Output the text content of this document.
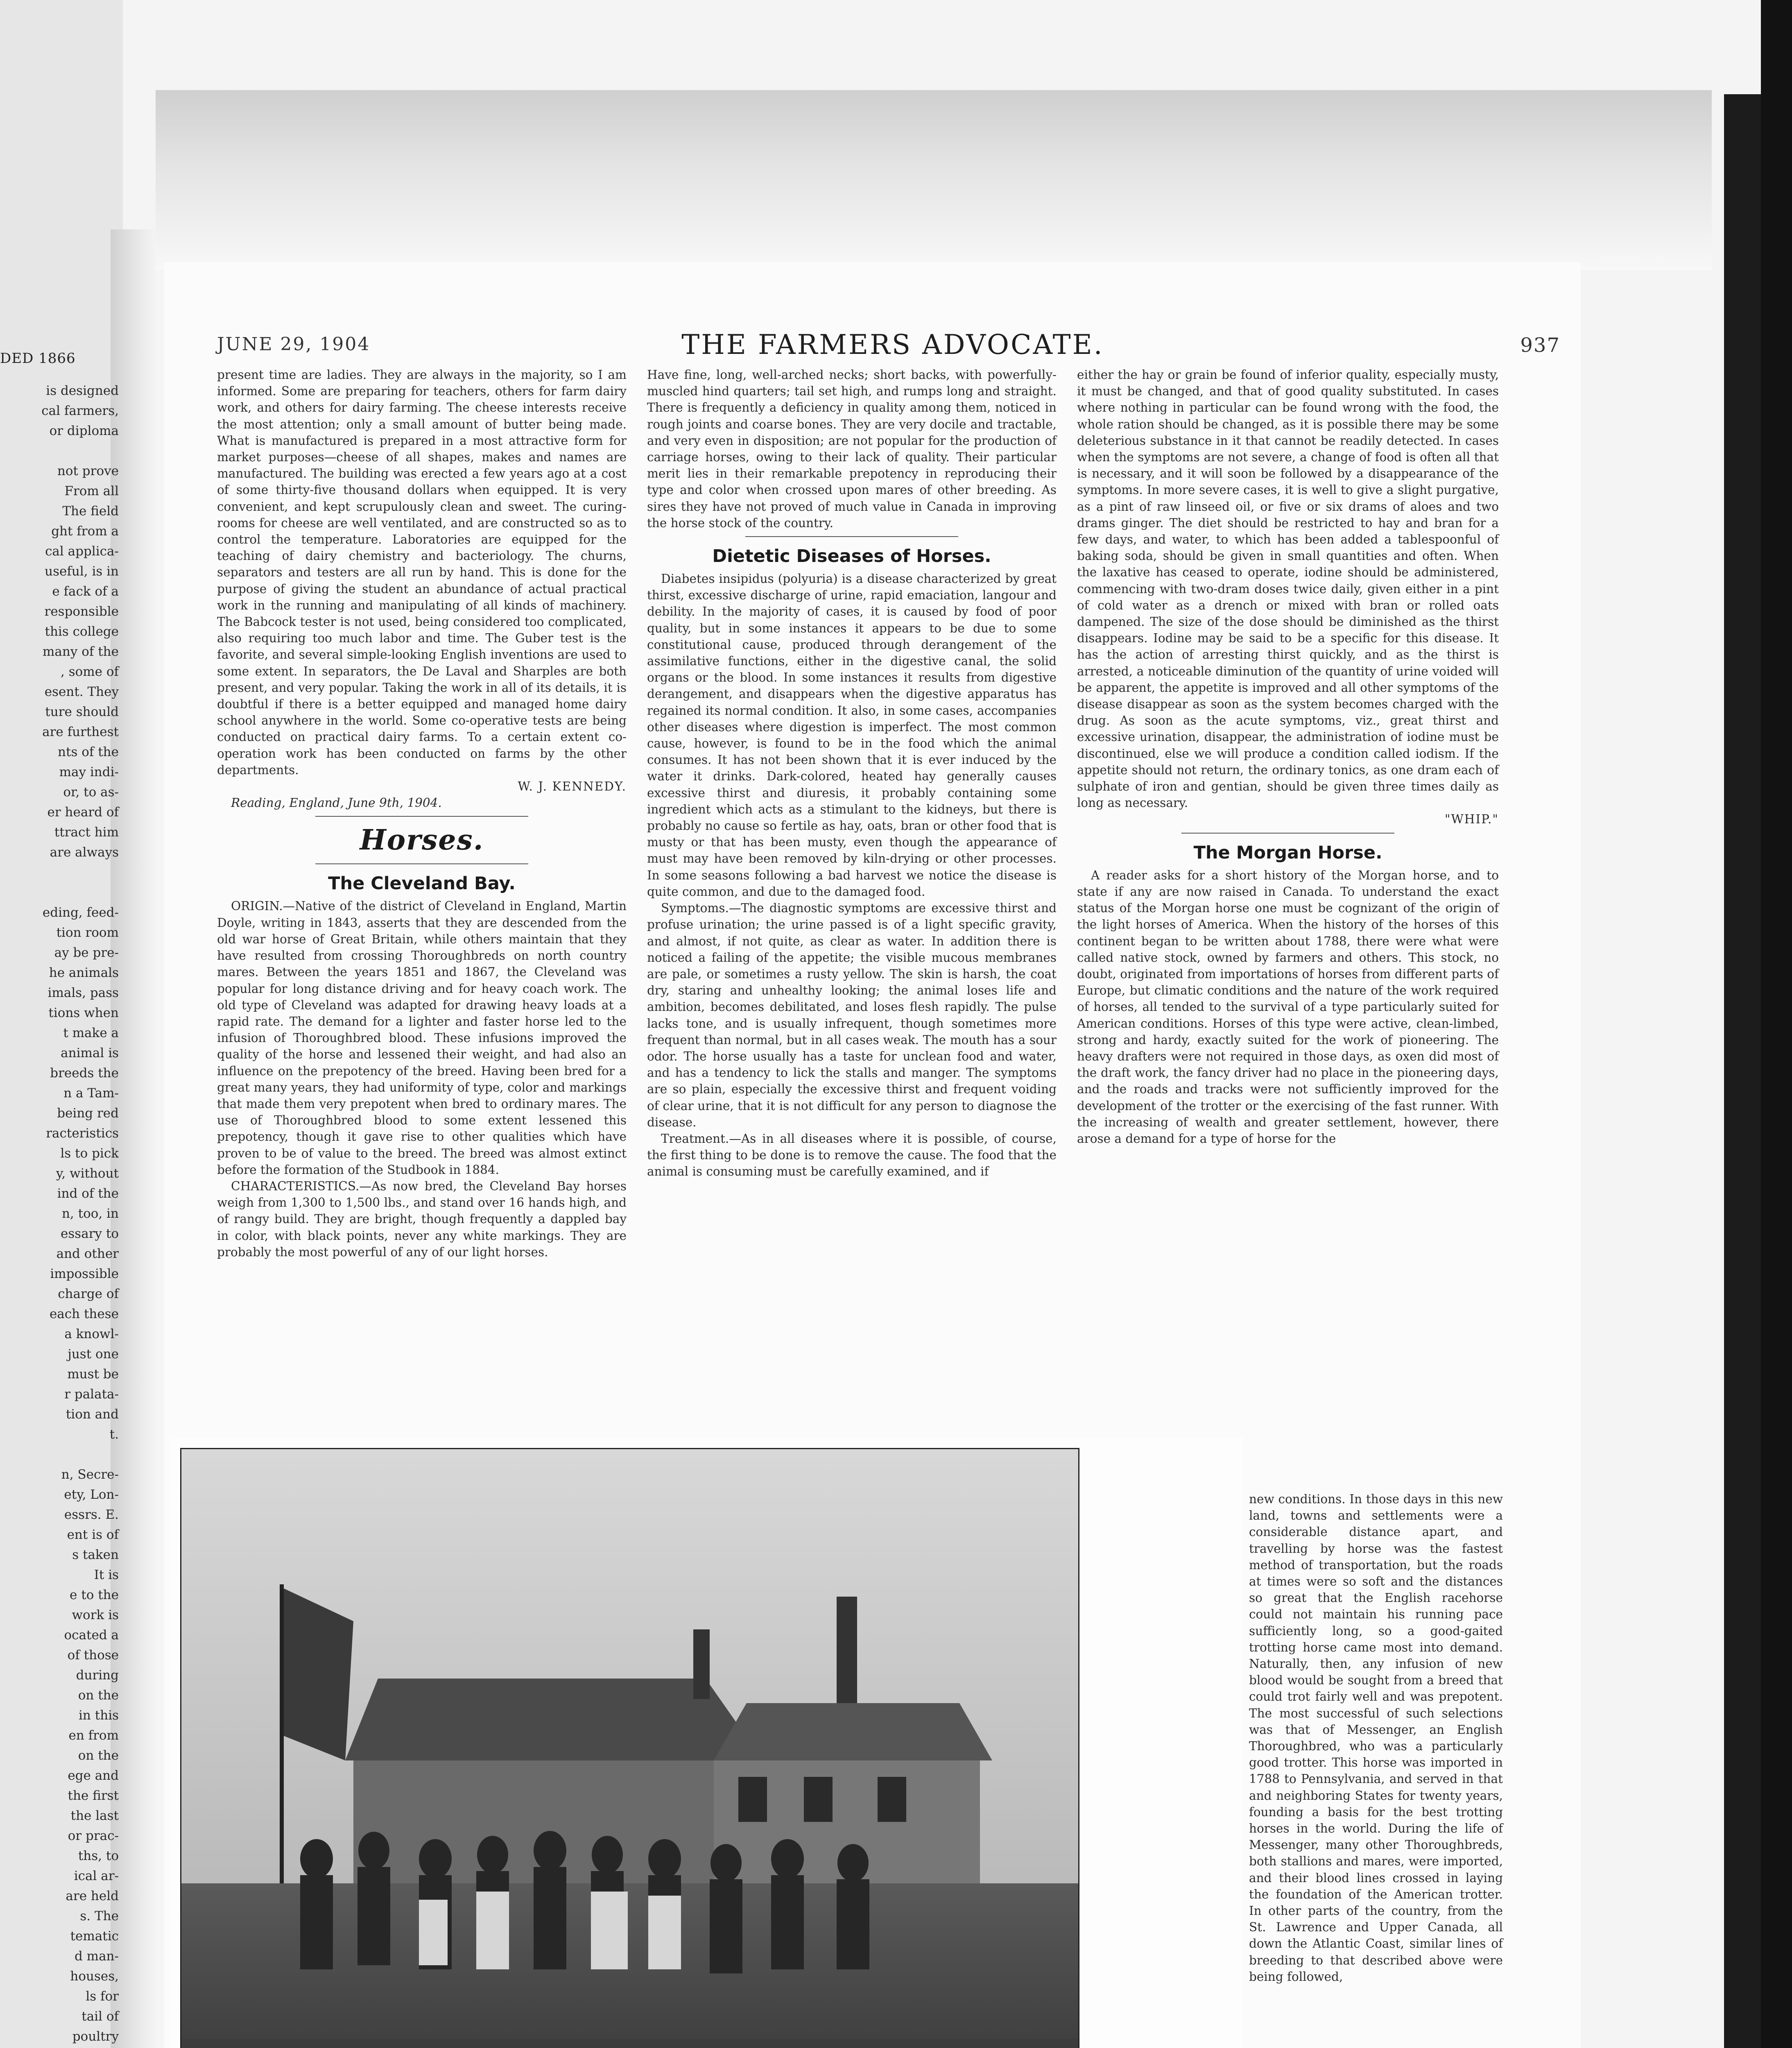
DED 1866
is designed
cal farmers,
or diploma

not prove
From all
The field
ght from a
cal applica-
useful, is in
e fack of a
responsible
this college
many of the
, some of
esent. They
ture should
are furthest
nts of the
may indi-
or, to as-
er heard of
ttract him
are always

eding, feed-
tion room
ay be pre-
he animals
imals, pass
tions when
t make a
animal is
breeds the
n a Tam-
being red
racteristics
ls to pick
y, without
ind of the
n, too, in
essary to
and other
impossible
charge of
each these
a knowl-
just one
must be
r palata-
tion and
t.

n, Secre-
ety, Lon-
essrs. E.
ent is of
s taken
It is
e to the
work is
ocated a
of those
during
on the
in this
en from
on the
ege and
the first
the last
or prac-
ths, to
ical ar-
are held
s. The
tematic
d man-
houses,
ls for
tail of
poultry

JUNE 29, 1904	THE FARMERS ADVOCATE.	937

present time are ladies. They are always in the majority, so I am informed. Some are preparing for teachers, others for farm dairy work, and others for dairy farming. The cheese interests receive the most attention; only a small amount of butter being made. What is manufactured is prepared in a most attractive form for market purposes—cheese of all shapes, makes and names are manufactured. The building was erected a few years ago at a cost of some thirty-five thousand dollars when equipped. It is very convenient, and kept scrupulously clean and sweet. The curing-rooms for cheese are well ventilated, and are constructed so as to control the temperature. Laboratories are equipped for the teaching of dairy chemistry and bacteriology. The churns, separators and testers are all run by hand. This is done for the purpose of giving the student an abundance of actual practical work in the running and manipulating of all kinds of machinery. The Babcock tester is not used, being considered too complicated, also requiring too much labor and time. The Guber test is the favorite, and several simple-looking English inventions are used to some extent. In separators, the De Laval and Sharples are both present, and very popular. Taking the work in all of its details, it is doubtful if there is a better equipped and managed home dairy school anywhere in the world. Some co-operative tests are being conducted on practical dairy farms. To a certain extent co-operation work has been conducted on farms by the other departments.

W. J. KENNEDY.
Reading, England, June 9th, 1904.
Horses.
The Cleveland Bay.

ORIGIN.—Native of the district of Cleveland in England, Martin Doyle, writing in 1843, asserts that they are descended from the old war horse of Great Britain, while others maintain that they have resulted from crossing Thoroughbreds on north country mares. Between the years 1851 and 1867, the Cleveland was popular for long distance driving and for heavy coach work. The old type of Cleveland was adapted for drawing heavy loads at a rapid rate. The demand for a lighter and faster horse led to the infusion of Thoroughbred blood. These infusions improved the quality of the horse and lessened their weight, and had also an influence on the prepotency of the breed. Having been bred for a great many years, they had uniformity of type, color and markings that made them very prepotent when bred to ordinary mares. The use of Thoroughbred blood to some extent lessened this prepotency, though it gave rise to other qualities which have proven to be of value to the breed. The breed was almost extinct before the formation of the Studbook in 1884.

CHARACTERISTICS.—As now bred, the Cleveland Bay horses weigh from 1,300 to 1,500 lbs., and stand over 16 hands high, and of rangy build. They are bright, though frequently a dappled bay in color, with black points, never any white markings. They are probably the most powerful of any of our light horses.

Have fine, long, well-arched necks; short backs, with powerfully-muscled hind quarters; tail set high, and rumps long and straight. There is frequently a deficiency in quality among them, noticed in rough joints and coarse bones. They are very docile and tractable, and very even in disposition; are not popular for the production of carriage horses, owing to their lack of quality. Their particular merit lies in their remarkable prepotency in reproducing their type and color when crossed upon mares of other breeding. As sires they have not proved of much value in Canada in improving the horse stock of the country.

Dietetic Diseases of Horses.

Diabetes insipidus (polyuria) is a disease characterized by great thirst, excessive discharge of urine, rapid emaciation, langour and debility. In the majority of cases, it is caused by food of poor quality, but in some instances it appears to be due to some constitutional cause, produced through derangement of the assimilative functions, either in the digestive canal, the solid organs or the blood. In some instances it results from digestive derangement, and disappears when the digestive apparatus has regained its normal condition. It also, in some cases, accompanies other diseases where digestion is imperfect. The most common cause, however, is found to be in the food which the animal consumes. It has not been shown that it is ever induced by the water it drinks. Dark-colored, heated hay generally causes excessive thirst and diuresis, it probably containing some ingredient which acts as a stimulant to the kidneys, but there is probably no cause so fertile as hay, oats, bran or other food that is musty or that has been musty, even though the appearance of must may have been removed by kiln-drying or other processes. In some seasons following a bad harvest we notice the disease is quite common, and due to the damaged food.

Symptoms.—The diagnostic symptoms are excessive thirst and profuse urination; the urine passed is of a light specific gravity, and almost, if not quite, as clear as water. In addition there is noticed a failing of the appetite; the visible mucous membranes are pale, or sometimes a rusty yellow. The skin is harsh, the coat dry, staring and unhealthy looking; the animal loses life and ambition, becomes debilitated, and loses flesh rapidly. The pulse lacks tone, and is usually infrequent, though sometimes more frequent than normal, but in all cases weak. The mouth has a sour odor. The horse usually has a taste for unclean food and water, and has a tendency to lick the stalls and manger. The symptoms are so plain, especially the excessive thirst and frequent voiding of clear urine, that it is not difficult for any person to diagnose the disease.

Treatment.—As in all diseases where it is possible, of course, the first thing to be done is to remove the cause. The food that the animal is consuming must be carefully examined, and if

either the hay or grain be found of inferior quality, especially musty, it must be changed, and that of good quality substituted. In cases where nothing in particular can be found wrong with the food, the whole ration should be changed, as it is possible there may be some deleterious substance in it that cannot be readily detected. In cases when the symptoms are not severe, a change of food is often all that is necessary, and it will soon be followed by a disappearance of the symptoms. In more severe cases, it is well to give a slight purgative, as a pint of raw linseed oil, or five or six drams of aloes and two drams ginger. The diet should be restricted to hay and bran for a few days, and water, to which has been added a tablespoonful of baking soda, should be given in small quantities and often. When the laxative has ceased to operate, iodine should be administered, commencing with two-dram doses twice daily, given either in a pint of cold water as a drench or mixed with bran or rolled oats dampened. The size of the dose should be diminished as the thirst disappears. Iodine may be said to be a specific for this disease. It has the action of arresting thirst quickly, and as the thirst is arrested, a noticeable diminution of the quantity of urine voided will be apparent, the appetite is improved and all other symptoms of the disease disappear as soon as the system becomes charged with the drug. As soon as the acute symptoms, viz., great thirst and excessive urination, disappear, the administration of iodine must be discontinued, else we will produce a condition called iodism. If the appetite should not return, the ordinary tonics, as one dram each of sulphate of iron and gentian, should be given three times daily as long as necessary.

"WHIP."
The Morgan Horse.

A reader asks for a short history of the Morgan horse, and to state if any are now raised in Canada. To understand the exact status of the Morgan horse one must be cognizant of the origin of the light horses of America. When the history of the horses of this continent began to be written about 1788, there were what were called native stock, owned by farmers and others. This stock, no doubt, originated from importations of horses from different parts of Europe, but climatic conditions and the nature of the work required of horses, all tended to the survival of a type particularly suited for American conditions. Horses of this type were active, clean-limbed, strong and hardy, exactly suited for the work of pioneering. The heavy drafters were not required in those days, as oxen did most of the draft work, the fancy driver had no place in the pioneering days, and the roads and tracks were not sufficiently improved for the development of the trotter or the exercising of the fast runner. With the increasing of wealth and greater settlement, however, there arose a demand for a type of horse for the

new conditions. In those days in this new land, towns and settlements were a considerable distance apart, and travelling by horse was the fastest method of transportation, but the roads at times were so soft and the distances so great that the English racehorse could not maintain his running pace sufficiently long, so a good-gaited trotting horse came most into demand. Naturally, then, any infusion of new blood would be sought from a breed that could trot fairly well and was prepotent. The most successful of such selections was that of Messenger, an English Thoroughbred, who was a particularly good trotter. This horse was imported in 1788 to Pennsylvania, and served in that and neighboring States for twenty years, founding a basis for the best trotting horses in the world. During the life of Messenger, many other Thoroughbreds, both stallions and mares, were imported, and their blood lines crossed in laying the foundation of the American trotter. In other parts of the country, from the St. Lawrence and Upper Canada, all down the Atlantic Coast, similar lines of breeding to that described above were being followed,
